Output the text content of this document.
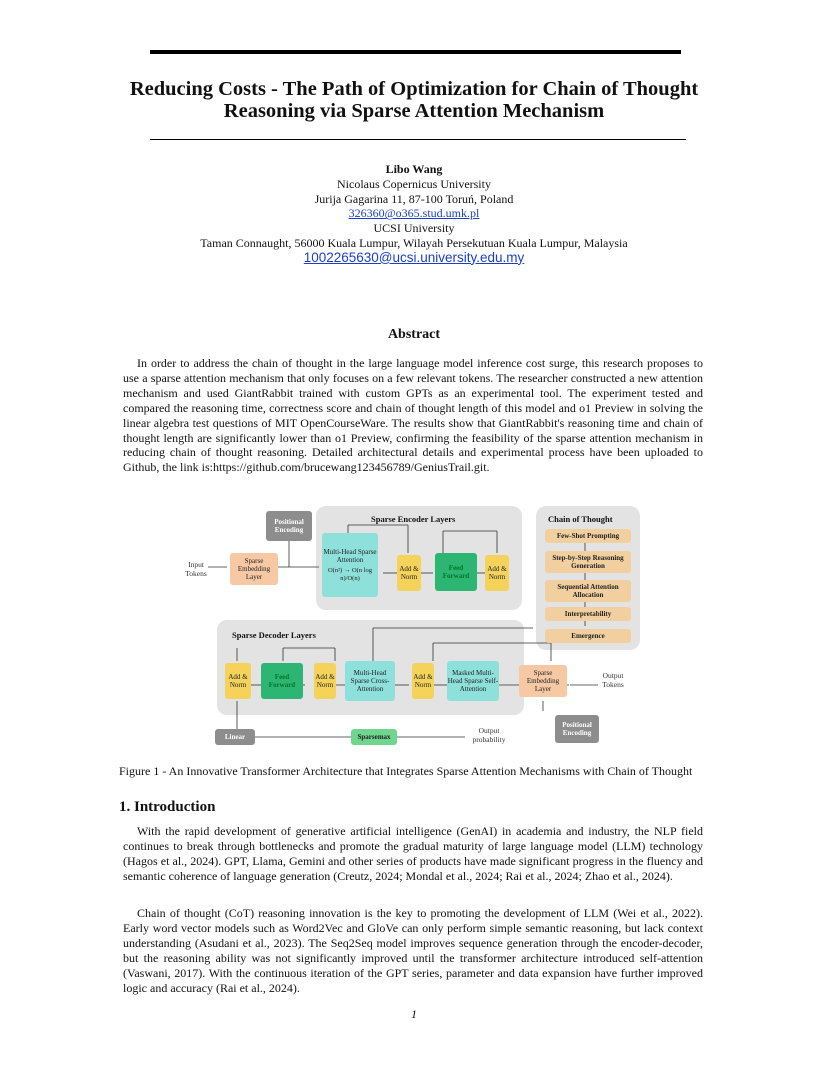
Reducing Costs - The Path of Optimization for Chain of Thought Reasoning via Sparse Attention Mechanism
Libo Wang
Nicolaus Copernicus University
Jurija Gagarina 11, 87-100 Toruń, Poland
326360@o365.stud.umk.pl
UCSI University
Taman Connaught, 56000 Kuala Lumpur, Wilayah Persekutuan Kuala Lumpur, Malaysia
1002265630@ucsi.university.edu.my
Abstract

In order to address the chain of thought in the large language model inference cost surge, this research proposes to use a sparse attention mechanism that only focuses on a few relevant tokens. The researcher constructed a new attention mechanism and used GiantRabbit trained with custom GPTs as an experimental tool. The experiment tested and compared the reasoning time, correctness score and chain of thought length of this model and o1 Preview in solving the linear algebra test questions of MIT OpenCourseWare. The results show that GiantRabbit's reasoning time and chain of thought length are significantly lower than o1 Preview, confirming the feasibility of the sparse attention mechanism in reducing chain of thought reasoning. Detailed architectural details and experimental process have been uploaded to Github, the link is:https://github.com/brucewang123456789/GeniusTrail.git.

Positional Encoding
Sparse Encoder Layers	Chain of Thought
Input Tokens
Sparse Embedding Layer
Multi-Head Sparse Attention
O(n²) → O(n log n)/O(n)
Add & Norm
Feed Forward
Add & Norm
Few-Shot Prompting
Step-by-Step Reasoning Generation
Sequential Attention Allocation
Interpretability
Emergence
Sparse Decoder Layers
Add & Norm
Feed Forward
Add & Norm
Multi-Head Sparse Cross-Attention
Add & Norm
Masked Multi-Head Sparse Self-Attention
Sparse Embedding Layer
Output Tokens
Positional Encoding
Linear	Sparsemax
Output probability
Figure 1 - An Innovative Transformer Architecture that Integrates Sparse Attention Mechanisms with Chain of Thought
1. Introduction

With the rapid development of generative artificial intelligence (GenAI) in academia and industry, the NLP field continues to break through bottlenecks and promote the gradual maturity of large language model (LLM) technology (Hagos et al., 2024). GPT, Llama, Gemini and other series of products have made significant progress in the fluency and semantic coherence of language generation (Creutz, 2024; Mondal et al., 2024; Rai et al., 2024; Zhao et al., 2024).

Chain of thought (CoT) reasoning innovation is the key to promoting the development of LLM (Wei et al., 2022). Early word vector models such as Word2Vec and GloVe can only perform simple semantic reasoning, but lack context understanding (Asudani et al., 2023). The Seq2Seq model improves sequence generation through the encoder-decoder, but the reasoning ability was not significantly improved until the transformer architecture introduced self-attention (Vaswani, 2017). With the continuous iteration of the GPT series, parameter and data expansion have further improved logic and accuracy (Rai et al., 2024).

1
